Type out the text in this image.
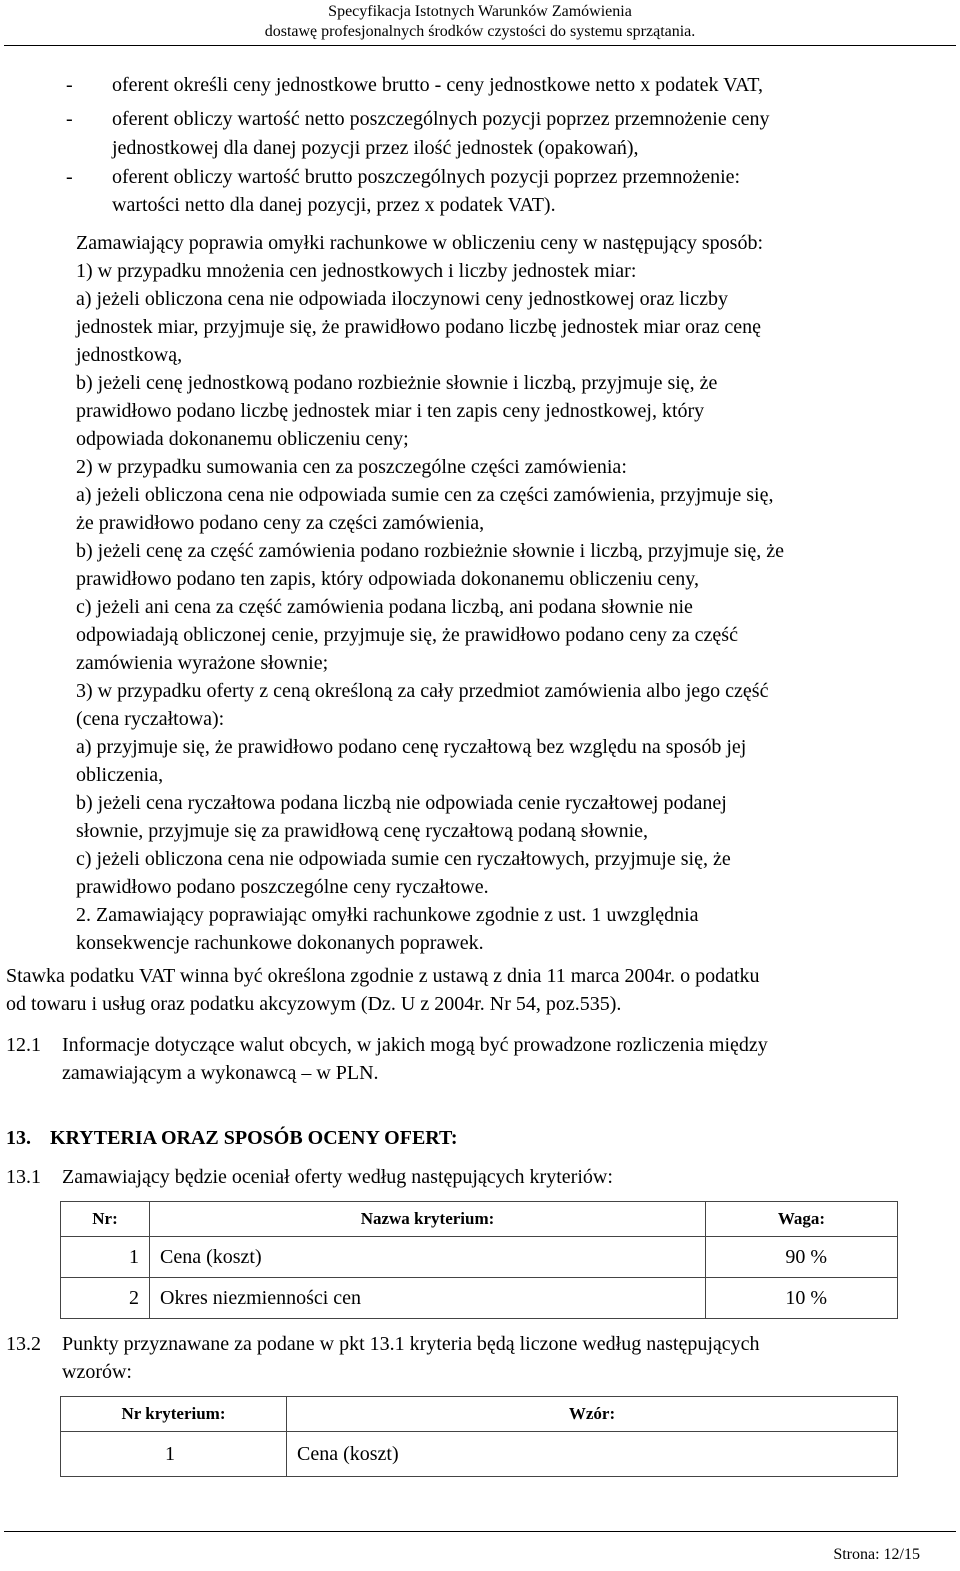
Specyfikacja Istotnych Warunków Zamówienia
dostawę profesjonalnych środków czystości do systemu sprzątania.
- oferent określi ceny jednostkowe brutto - ceny jednostkowe netto x podatek VAT,
- oferent obliczy wartość netto poszczególnych pozycji poprzez przemnożenie ceny
jednostkowej dla danej pozycji przez ilość jednostek (opakowań),
- oferent obliczy wartość brutto poszczególnych pozycji poprzez przemnożenie:
wartości netto dla danej pozycji, przez x podatek VAT).
Zamawiający poprawia omyłki rachunkowe w obliczeniu ceny w następujący sposób:
1) w przypadku mnożenia cen jednostkowych i liczby jednostek miar:
a) jeżeli obliczona cena nie odpowiada iloczynowi ceny jednostkowej oraz liczby
jednostek miar, przyjmuje się, że prawidłowo podano liczbę jednostek miar oraz cenę
jednostkową,
b) jeżeli cenę jednostkową podano rozbieżnie słownie i liczbą, przyjmuje się, że
prawidłowo podano liczbę jednostek miar i ten zapis ceny jednostkowej, który
odpowiada dokonanemu obliczeniu ceny;
2) w przypadku sumowania cen za poszczególne części zamówienia:
a) jeżeli obliczona cena nie odpowiada sumie cen za części zamówienia, przyjmuje się,
że prawidłowo podano ceny za części zamówienia,
b) jeżeli cenę za część zamówienia podano rozbieżnie słownie i liczbą, przyjmuje się, że
prawidłowo podano ten zapis, który odpowiada dokonanemu obliczeniu ceny,
c) jeżeli ani cena za część zamówienia podana liczbą, ani podana słownie nie
odpowiadają obliczonej cenie, przyjmuje się, że prawidłowo podano ceny za część
zamówienia wyrażone słownie;
3) w przypadku oferty z ceną określoną za cały przedmiot zamówienia albo jego część
(cena ryczałtowa):
a) przyjmuje się, że prawidłowo podano cenę ryczałtową bez względu na sposób jej
obliczenia,
b) jeżeli cena ryczałtowa podana liczbą nie odpowiada cenie ryczałtowej podanej
słownie, przyjmuje się za prawidłową cenę ryczałtową podaną słownie,
c) jeżeli obliczona cena nie odpowiada sumie cen ryczałtowych, przyjmuje się, że
prawidłowo podano poszczególne ceny ryczałtowe.
2. Zamawiający poprawiając omyłki rachunkowe zgodnie z ust. 1 uwzględnia
konsekwencje rachunkowe dokonanych poprawek.
Stawka podatku VAT winna być określona zgodnie z ustawą z dnia 11 marca 2004r. o podatku
od towaru i usług oraz podatku akcyzowym (Dz. U z 2004r. Nr 54, poz.535).
12.1 Informacje dotyczące walut obcych, w jakich mogą być prowadzone rozliczenia między
zamawiającym a wykonawcą – w PLN.
13. KRYTERIA ORAZ SPOSÓB OCENY OFERT:
13.1 Zamawiający będzie oceniał oferty według następujących kryteriów:
Nr:	Nazwa kryterium:	Waga:
1	Cena (koszt)	90 %
2	Okres niezmienności cen	10 %
13.2 Punkty przyznawane za podane w pkt 13.1 kryteria będą liczone według następujących
wzorów:
Nr kryterium:	Wzór:
1	Cena (koszt)
Strona: 12/15
